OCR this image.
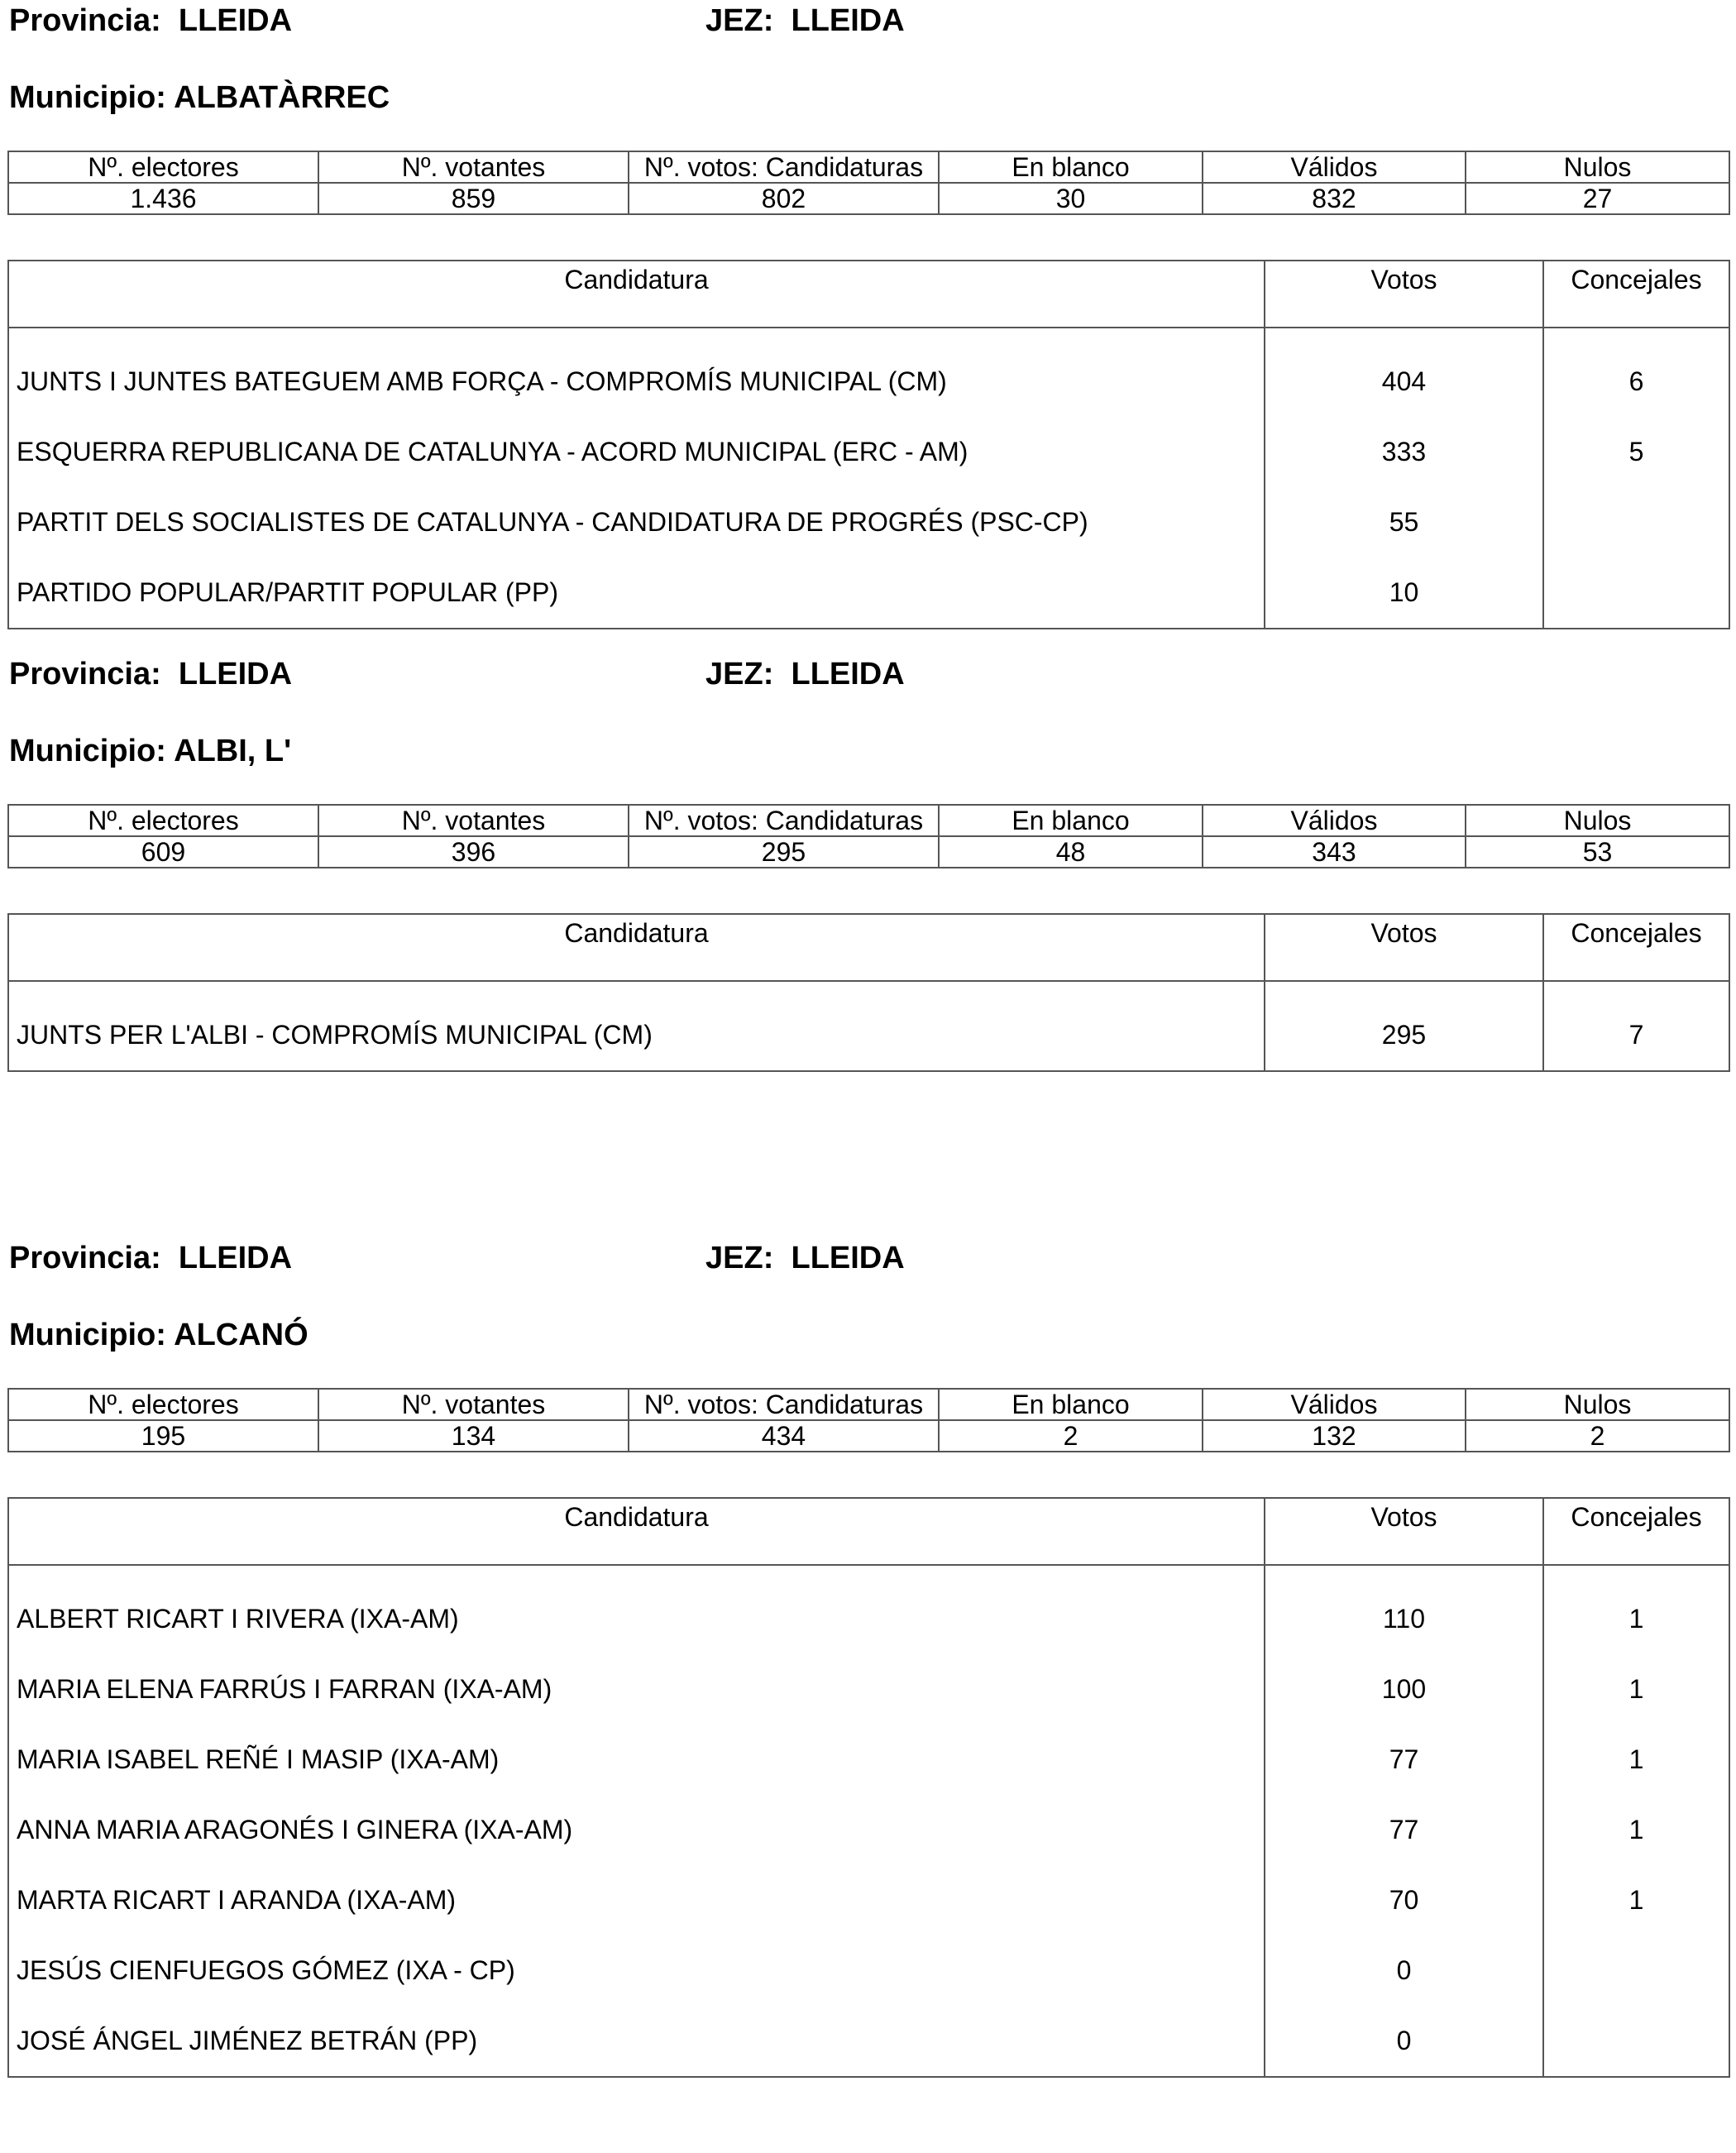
Provincia: LLEIDA	JEZ: LLEIDA
Municipio: ALBATÀRREC
Nº. electores	Nº. votantes	Nº. votos: Candidaturas	En blanco	Válidos	Nulos
1.436	859	802	30	832	27
Candidatura	Votos	Concejales
JUNTS I JUNTES BATEGUEM AMB FORÇA - COMPROMÍS MUNICIPAL (CM)	404	6
ESQUERRA REPUBLICANA DE CATALUNYA - ACORD MUNICIPAL (ERC - AM)	333	5
PARTIT DELS SOCIALISTES DE CATALUNYA - CANDIDATURA DE PROGRÉS (PSC-CP)	55	
PARTIDO POPULAR/PARTIT POPULAR (PP)	10	
Provincia: LLEIDA	JEZ: LLEIDA
Municipio: ALBI, L'
Nº. electores	Nº. votantes	Nº. votos: Candidaturas	En blanco	Válidos	Nulos
609	396	295	48	343	53
Candidatura	Votos	Concejales
JUNTS PER L'ALBI - COMPROMÍS MUNICIPAL (CM)	295	7
Provincia: LLEIDA	JEZ: LLEIDA
Municipio: ALCANÓ
Nº. electores	Nº. votantes	Nº. votos: Candidaturas	En blanco	Válidos	Nulos
195	134	434	2	132	2
Candidatura	Votos	Concejales
ALBERT RICART I RIVERA (IXA-AM)	110	1
MARIA ELENA FARRÚS I FARRAN (IXA-AM)	100	1
MARIA ISABEL REÑÉ I MASIP (IXA-AM)	77	1
ANNA MARIA ARAGONÉS I GINERA (IXA-AM)	77	1
MARTA RICART I ARANDA (IXA-AM)	70	1
JESÚS CIENFUEGOS GÓMEZ (IXA - CP)	0	
JOSÉ ÁNGEL JIMÉNEZ BETRÁN (PP)	0	
